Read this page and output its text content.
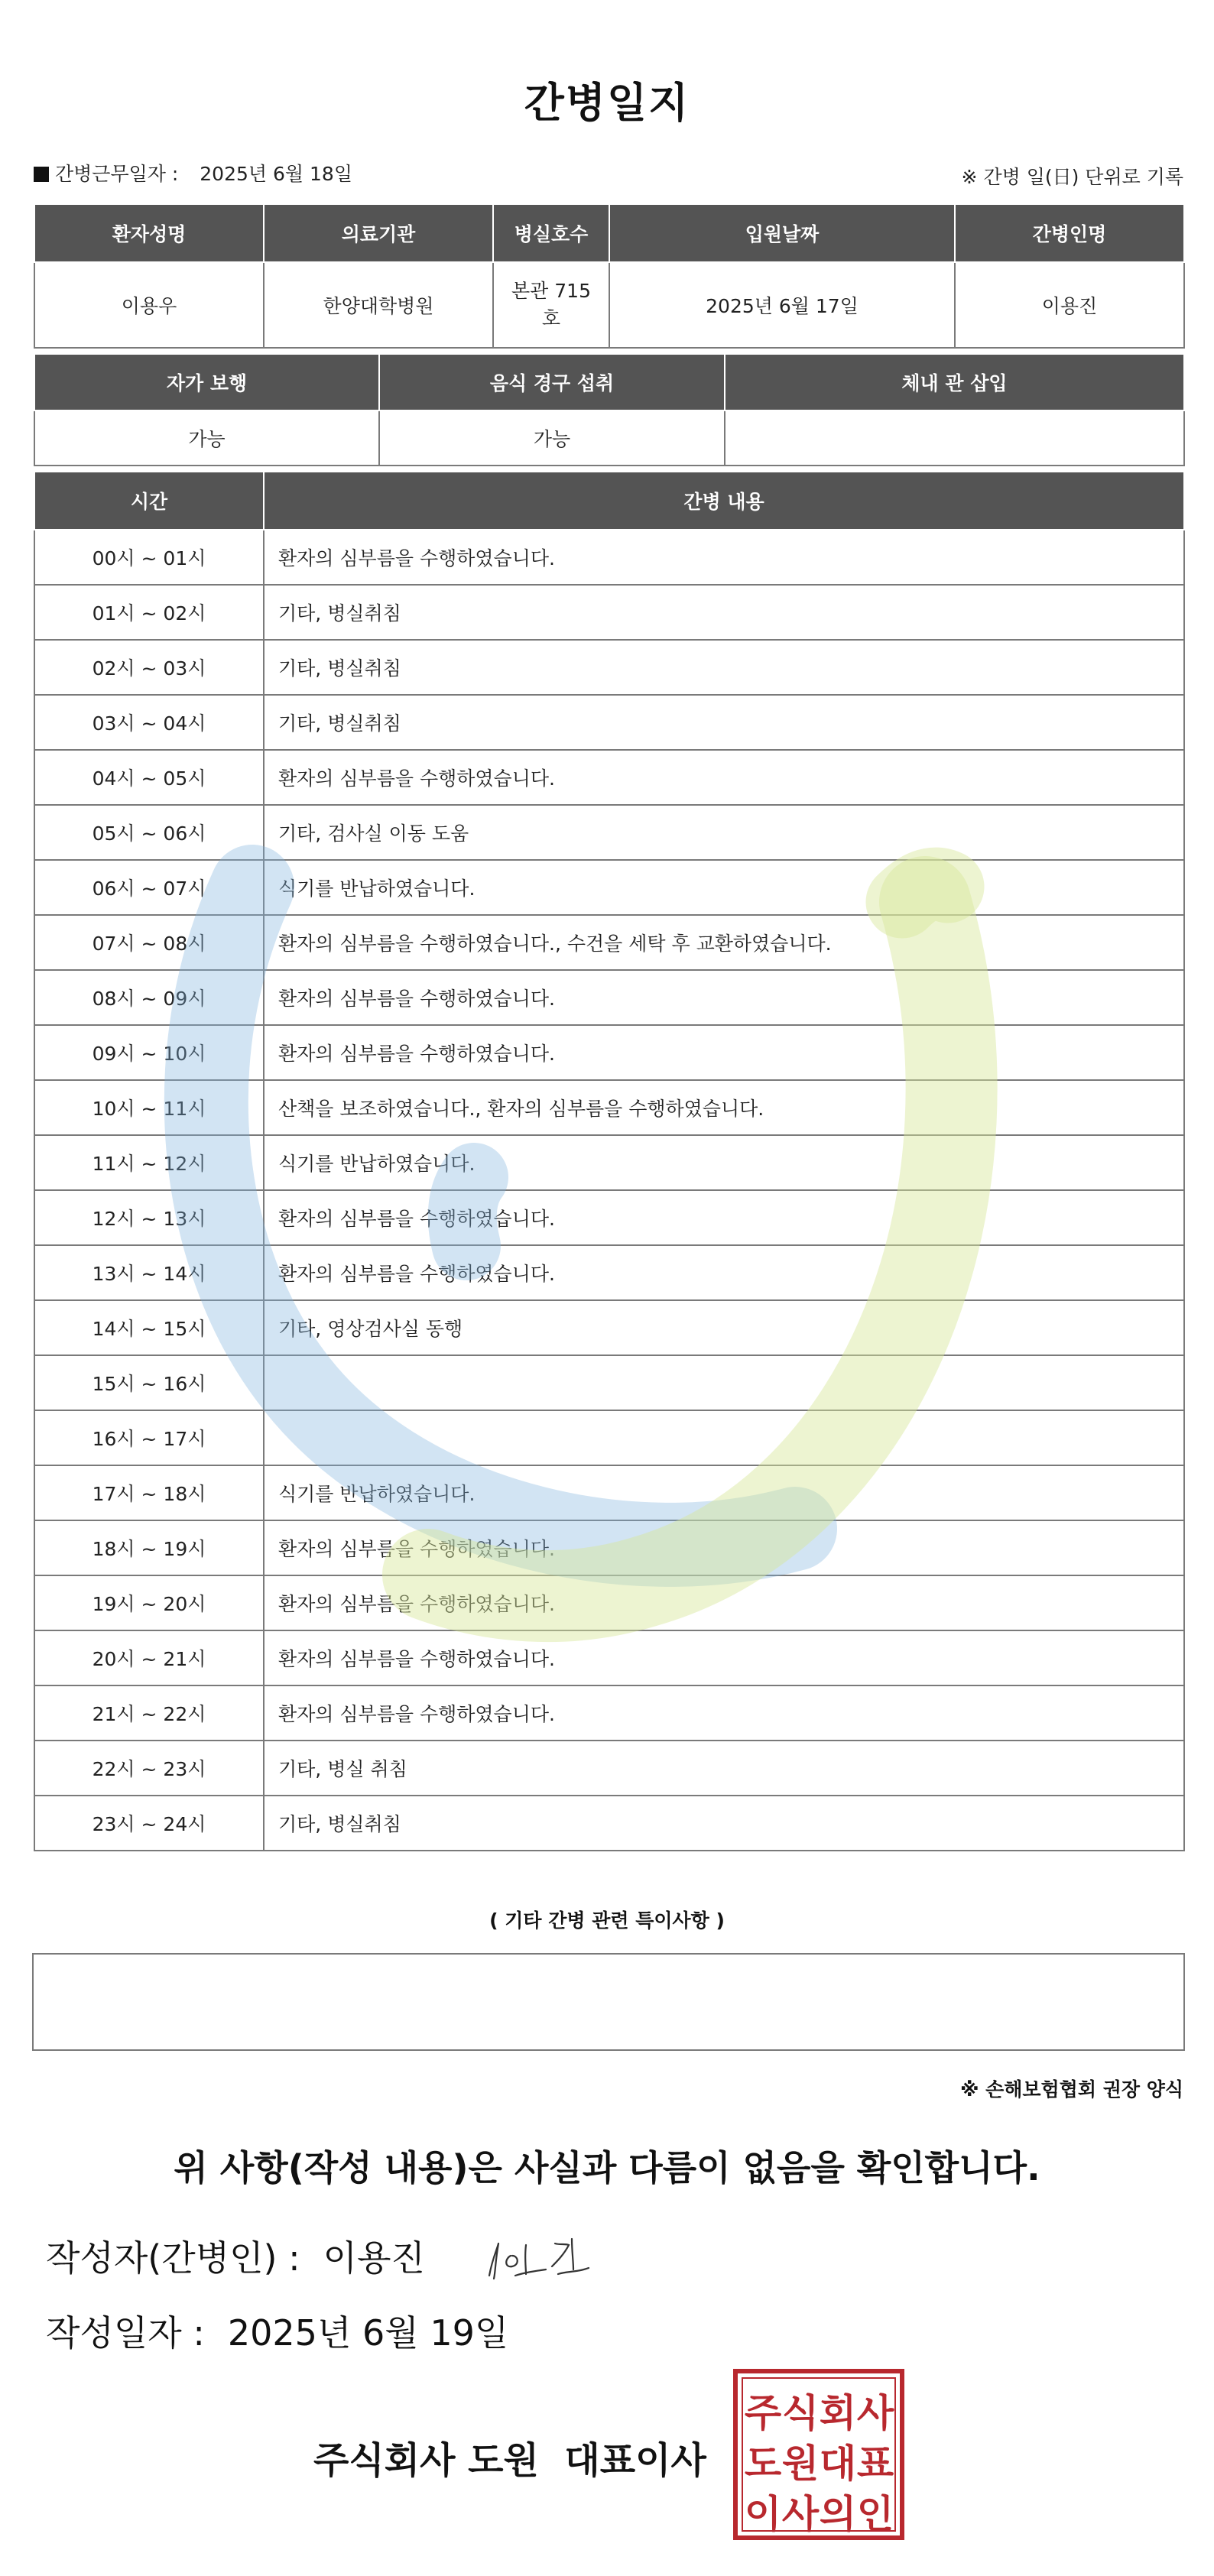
간병일지
간병근무일자 : 2025년 6월 18일	※ 간병 일(日) 단위로 기록
환자성명	의료기관	병실호수	입원날짜	간병인명
이용우	한양대학병원	본관 715호	2025년 6월 17일	이용진
자가 보행	음식 경구 섭취	체내 관 삽입
가능	가능	
시간	간병 내용
00시 ~ 01시	환자의 심부름을 수행하였습니다.
01시 ~ 02시	기타, 병실취침
02시 ~ 03시	기타, 병실취침
03시 ~ 04시	기타, 병실취침
04시 ~ 05시	환자의 심부름을 수행하였습니다.
05시 ~ 06시	기타, 검사실 이동 도움
06시 ~ 07시	식기를 반납하였습니다.
07시 ~ 08시	환자의 심부름을 수행하였습니다., 수건을 세탁 후 교환하였습니다.
08시 ~ 09시	환자의 심부름을 수행하였습니다.
09시 ~ 10시	환자의 심부름을 수행하였습니다.
10시 ~ 11시	산책을 보조하였습니다., 환자의 심부름을 수행하였습니다.
11시 ~ 12시	식기를 반납하였습니다.
12시 ~ 13시	환자의 심부름을 수행하였습니다.
13시 ~ 14시	환자의 심부름을 수행하였습니다.
14시 ~ 15시	기타, 영상검사실 동행
15시 ~ 16시	
16시 ~ 17시	
17시 ~ 18시	식기를 반납하였습니다.
18시 ~ 19시	환자의 심부름을 수행하였습니다.
19시 ~ 20시	환자의 심부름을 수행하였습니다.
20시 ~ 21시	환자의 심부름을 수행하였습니다.
21시 ~ 22시	환자의 심부름을 수행하였습니다.
22시 ~ 23시	기타, 병실 취침
23시 ~ 24시	기타, 병실취침
( 기타 간병 관련 특이사항 )
※ 손해보험협회 권장 양식
위 사항(작성 내용)은 사실과 다름이 없음을 확인합니다.
작성자(간병인) : 이용진
작성일자 : 2025년 6월 19일
주식회사 도원  대표이사
주 식 회 사
도 원 대 표
이 사 의 인
